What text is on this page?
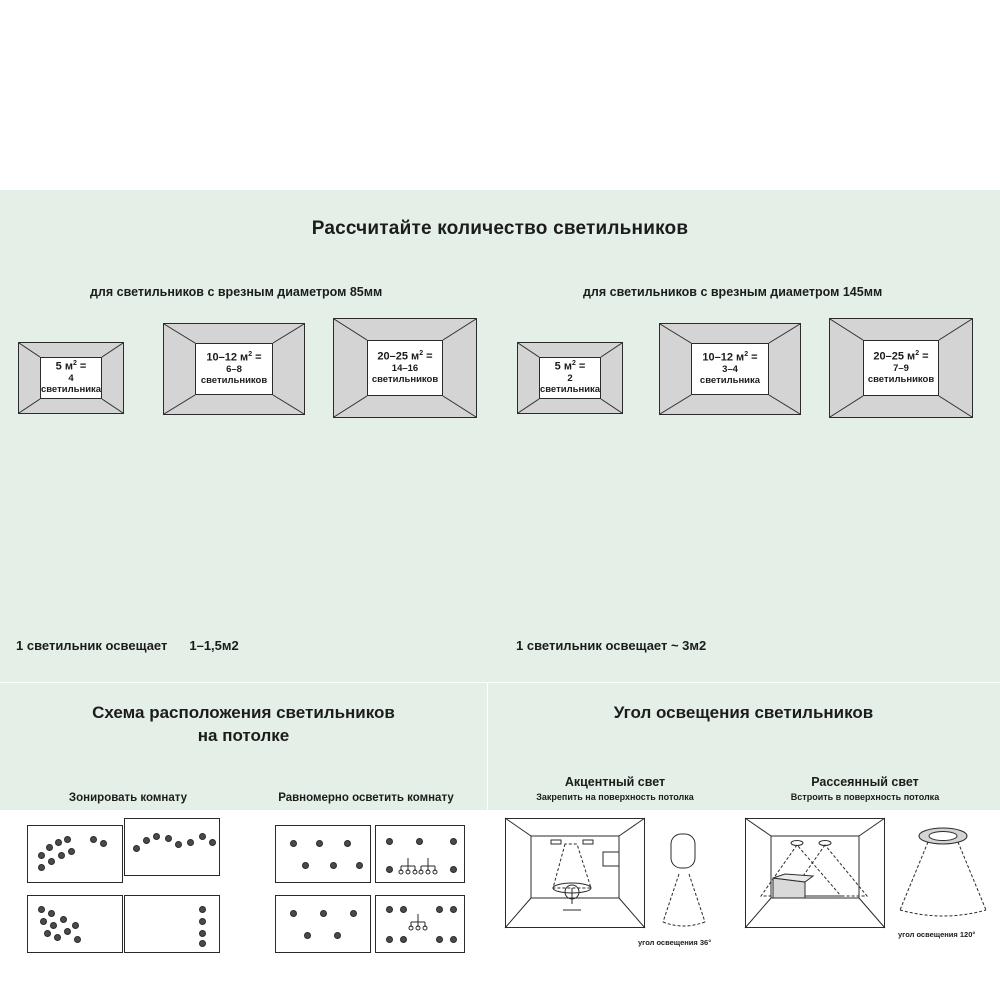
Рассчитайте количество светильников
для светильников с врезным диаметром 85мм	для светильников с врезным диаметром 145мм
5 $м^2$ =
4 светильника
10–12 $м^2$ =
6–8 светильников
20–25 $м^2$ =
14–16 светильников
5 $м^2$ =
2 светильника
10–12 $м^2$ =
3–4 светильника
20–25 $м^2$ =
7–9 светильников
1 светильник освещает 1–1,5м2	1 светильник освещает ~ 3м2
Схема расположения светильников
на потолке
Зонировать комнату	Равномерно осветить комнату
Угол освещения светильников
Акцентный свет
Закрепить на поверхность потолка
Рассеянный свет
Встроить в поверхность потолка
угол освещения 36°
угол освещения 120°
